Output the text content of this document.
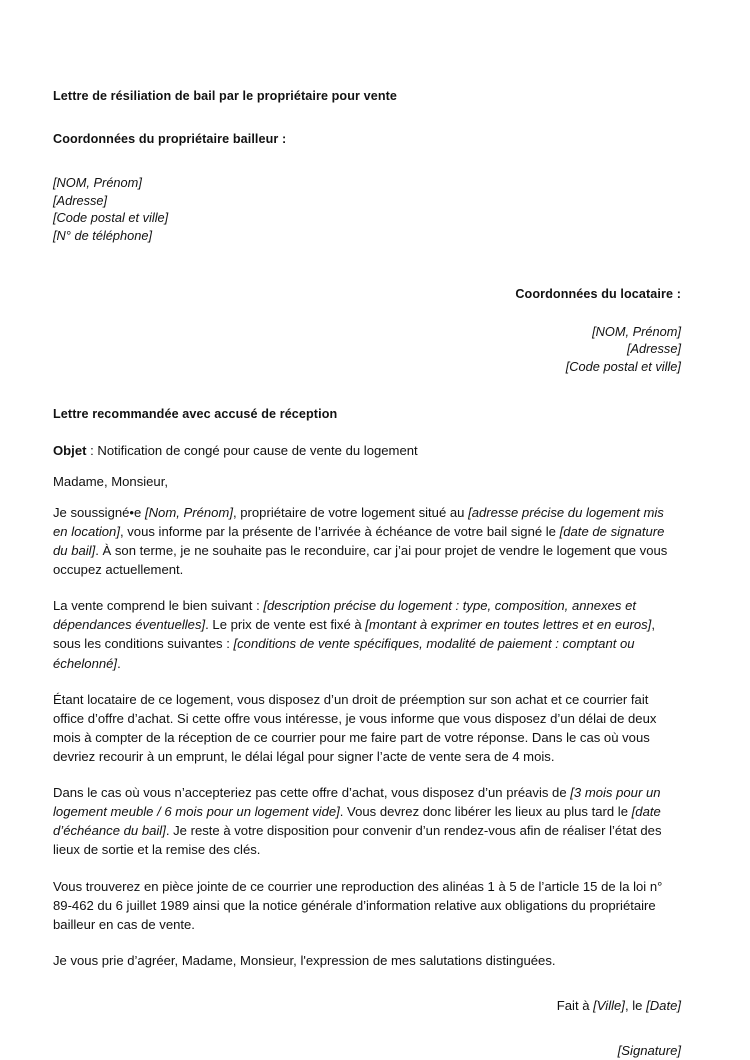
Lettre de résiliation de bail par le propriétaire pour vente
Coordonnées du propriétaire bailleur :
[NOM, Prénom]
[Adresse]
[Code postal et ville]
[N° de téléphone]
Coordonnées du locataire :
[NOM, Prénom]
[Adresse]
[Code postal et ville]
Lettre recommandée avec accusé de réception

Objet : Notification de congé pour cause de vente du logement

Madame, Monsieur,

Je soussigné•e [Nom, Prénom], propriétaire de votre logement situé au [adresse précise du logement mis en location], vous informe par la présente de l’arrivée à échéance de votre bail signé le [date de signature du bail]. À son terme, je ne souhaite pas le reconduire, car j’ai pour projet de vendre le logement que vous occupez actuellement.

La vente comprend le bien suivant : [description précise du logement : type, composition, annexes et dépendances éventuelles]. Le prix de vente est fixé à [montant à exprimer en toutes lettres et en euros], sous les conditions suivantes : [conditions de vente spécifiques, modalité de paiement : comptant ou échelonné].

Étant locataire de ce logement, vous disposez d’un droit de préemption sur son achat et ce courrier fait office d’offre d’achat. Si cette offre vous intéresse, je vous informe que vous disposez d’un délai de deux mois à compter de la réception de ce courrier pour me faire part de votre réponse. Dans le cas où vous devriez recourir à un emprunt, le délai légal pour signer l’acte de vente sera de 4 mois.

Dans le cas où vous n’accepteriez pas cette offre d’achat, vous disposez d’un préavis de [3 mois pour un logement meuble / 6 mois pour un logement vide]. Vous devrez donc libérer les lieux au plus tard le [date d’échéance du bail]. Je reste à votre disposition pour convenir d’un rendez-vous afin de réaliser l’état des lieux de sortie et la remise des clés.

Vous trouverez en pièce jointe de ce courrier une reproduction des alinéas 1 à 5 de l’article 15 de la loi n° 89-462 du 6 juillet 1989 ainsi que la notice générale d’information relative aux obligations du propriétaire bailleur en cas de vente.

Je vous prie d’agréer, Madame, Monsieur, l'expression de mes salutations distinguées.

Fait à [Ville], le [Date]
[Signature]
